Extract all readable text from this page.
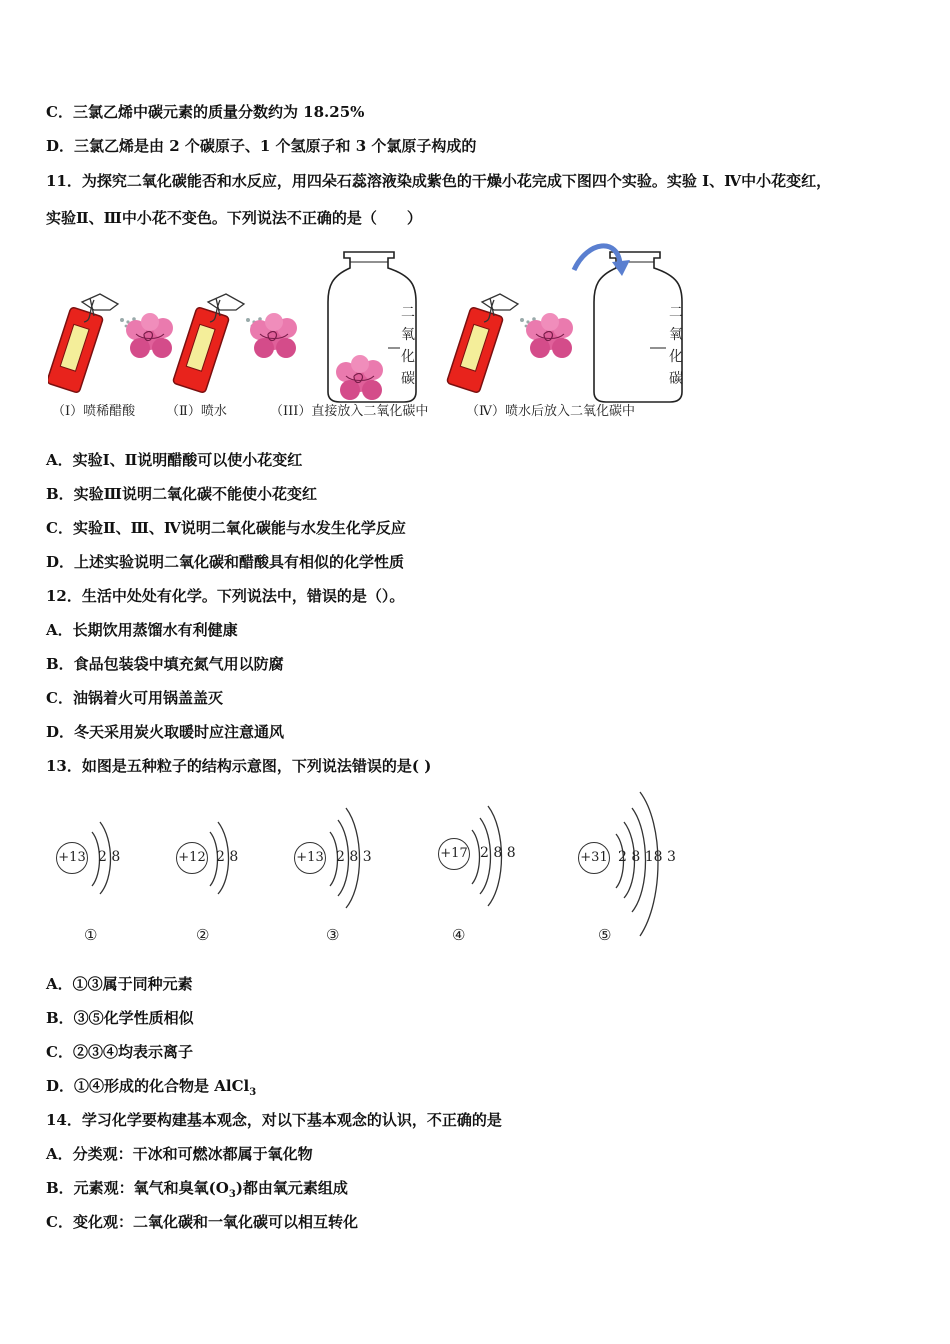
C．三氯乙烯中碳元素的质量分数约为 18.25%
D．三氯乙烯是由 2 个碳原子、1 个氢原子和 3 个氯原子构成的
11．为探究二氧化碳能否和水反应，用四朵石蕊溶液染成紫色的干燥小花完成下图四个实验。实验 I、Ⅳ中小花变红，
实验Ⅱ、Ⅲ中小花不变色。下列说法不正确的是（　　）
二氧化碳
二氧化碳
（I）喷稀醋酸 （Ⅱ）喷水	（III）直接放入二氧化碳中	（Ⅳ）喷水后放入二氧化碳中
A．实验Ⅰ、Ⅱ说明醋酸可以使小花变红
B．实验Ⅲ说明二氧化碳不能使小花变红
C．实验Ⅱ、Ⅲ、Ⅳ说明二氧化碳能与水发生化学反应
D．上述实验说明二氧化碳和醋酸具有相似的化学性质
12．生活中处处有化学。下列说法中，错误的是（）。
A．长期饮用蒸馏水有利健康
B．食品包装袋中填充氮气用以防腐
C．油锅着火可用锅盖盖灭
D．冬天采用炭火取暖时应注意通风
13．如图是五种粒子的结构示意图，下列说法错误的是( )
+13 2 8	+12 2 8	+13 2 8 3	+17 2 8 8	+31 2 8 18 3
①	②	③	④	⑤
A．①③属于同种元素
B．③⑤化学性质相似
C．②③④均表示离子
D．①④形成的化合物是 AlCl$_3$
14．学习化学要构建基本观念，对以下基本观念的认识，不正确的是
A．分类观：干冰和可燃冰都属于氧化物
B．元素观：氧气和臭氧$(O_3)$都由氧元素组成
C．变化观：二氧化碳和一氧化碳可以相互转化
